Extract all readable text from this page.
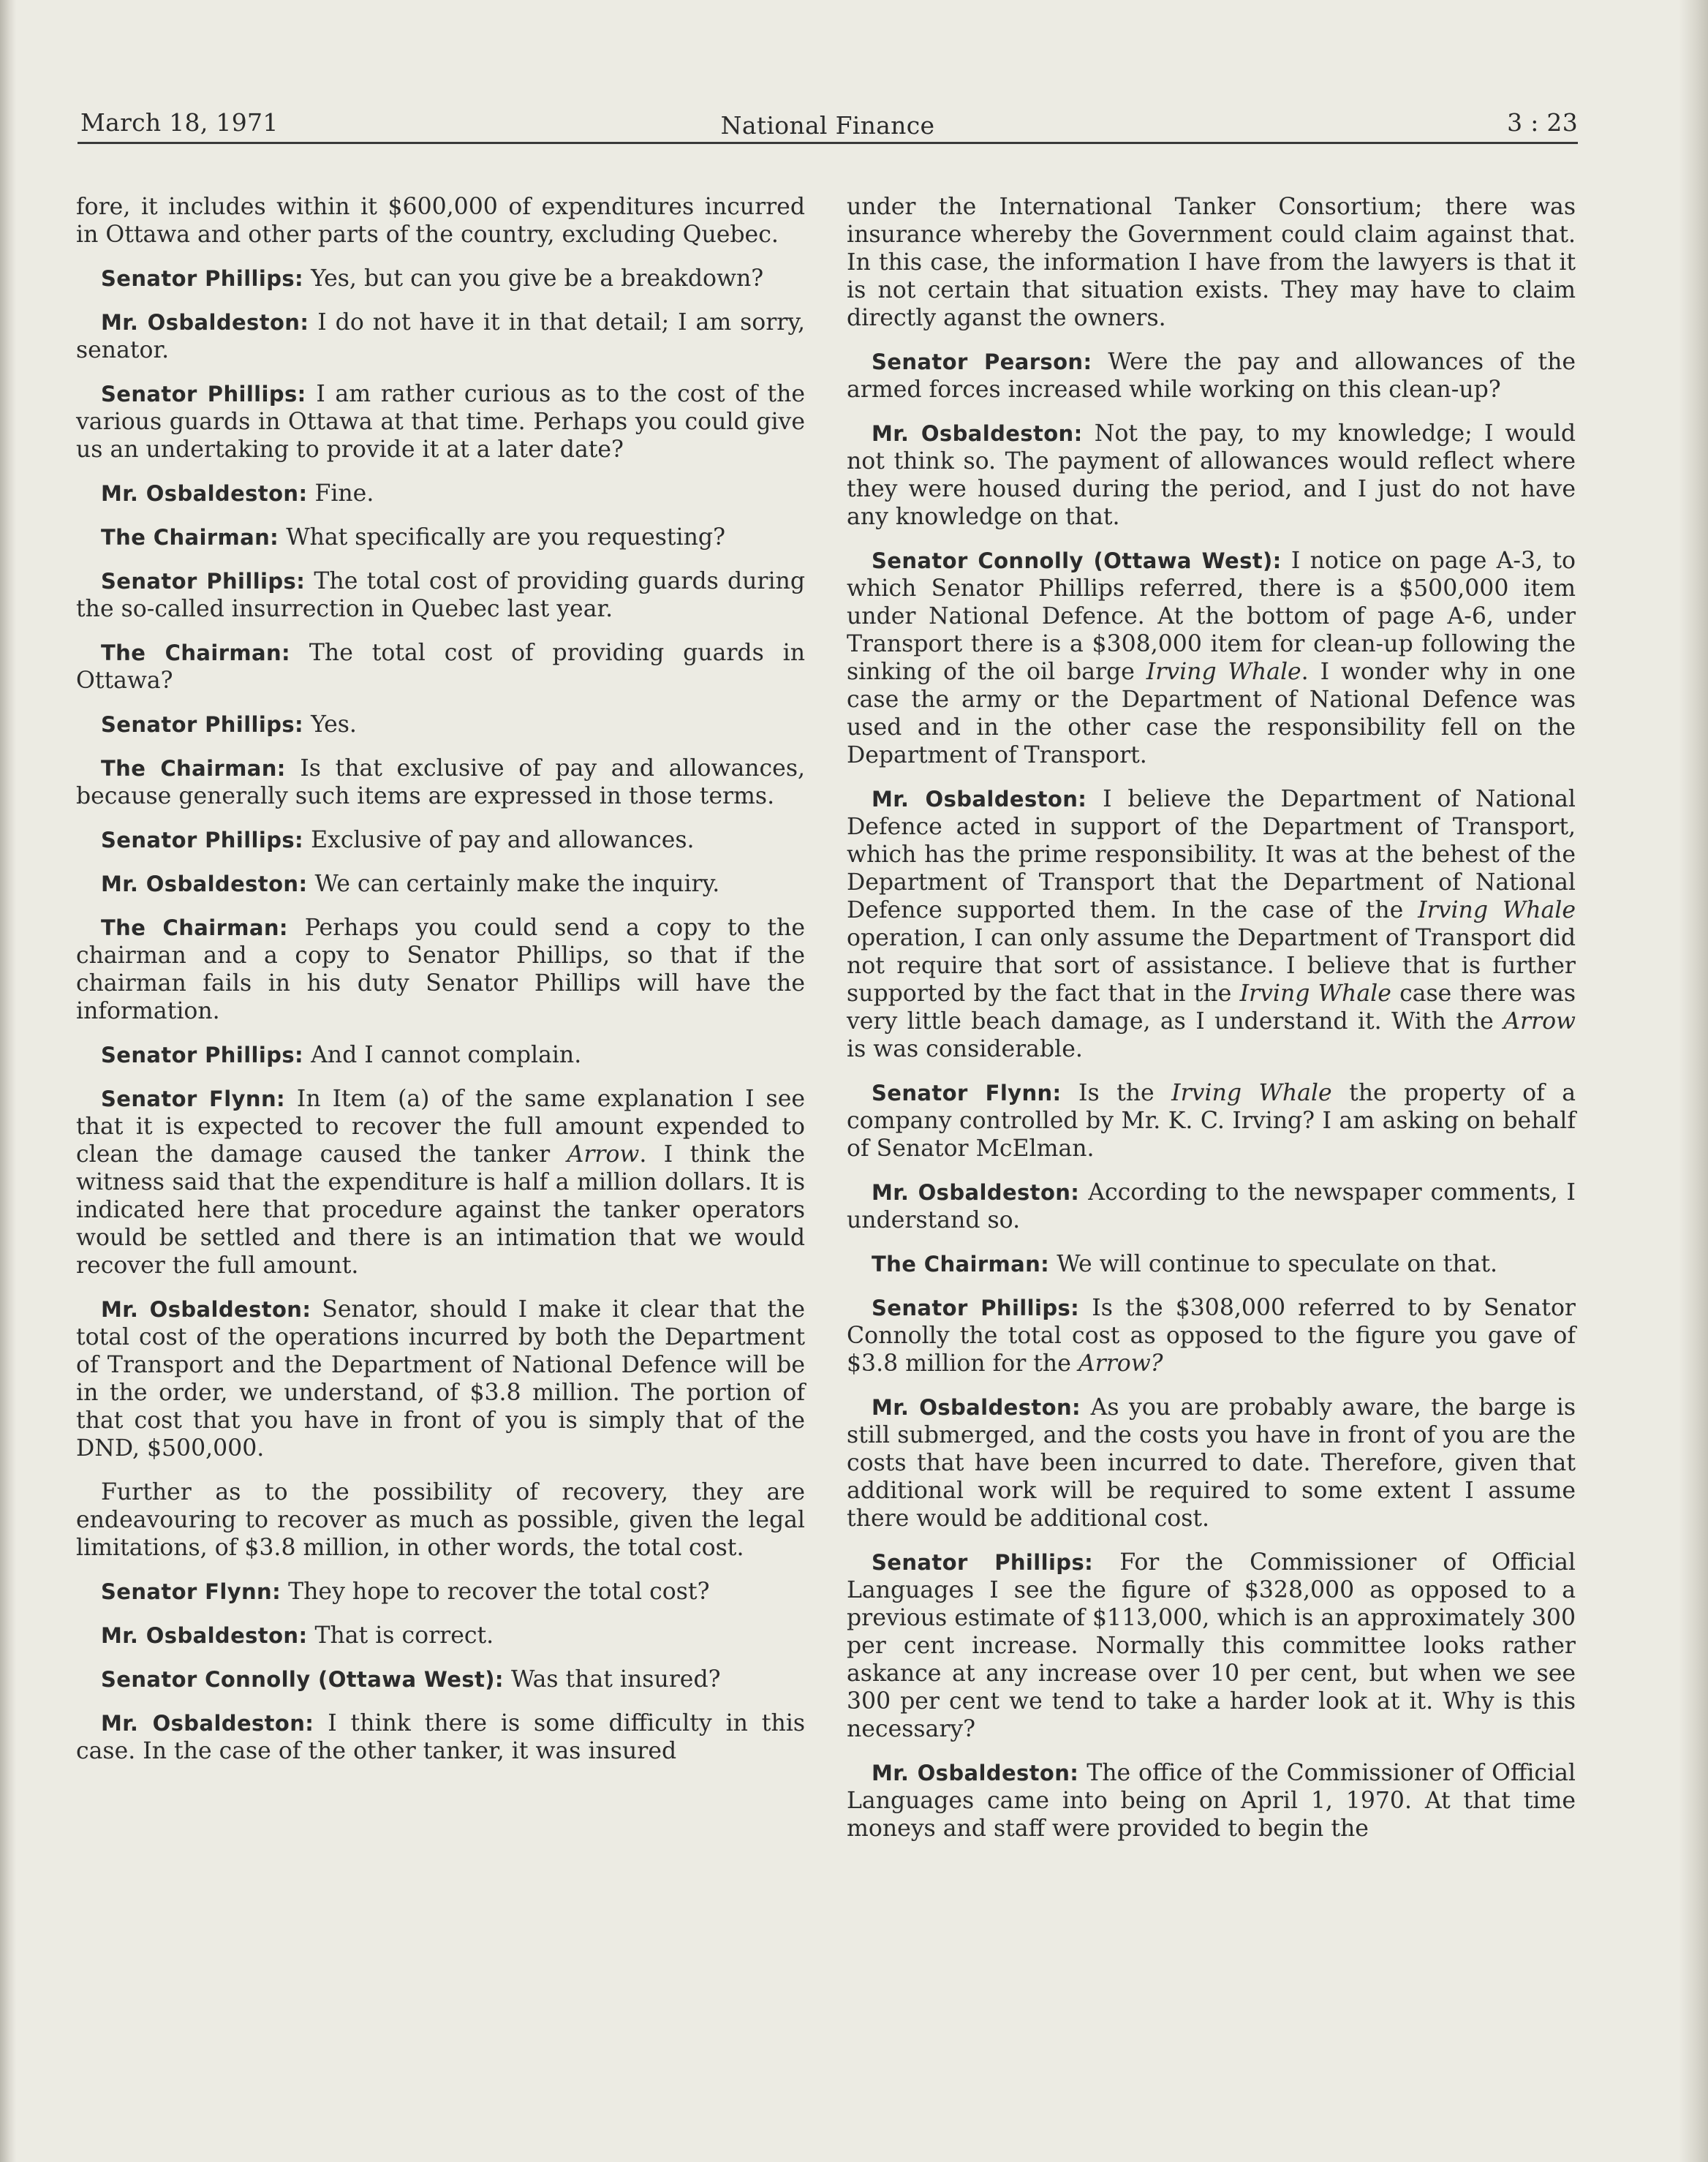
March 18, 1971	National Finance	3 : 23

fore, it includes within it $600,000 of expenditures incurred in Ottawa and other parts of the country, excluding Quebec.

Senator Phillips: Yes, but can you give be a breakdown?

Mr. Osbaldeston: I do not have it in that detail; I am sorry, senator.

Senator Phillips: I am rather curious as to the cost of the various guards in Ottawa at that time. Perhaps you could give us an undertaking to provide it at a later date?

Mr. Osbaldeston: Fine.

The Chairman: What specifically are you requesting?

Senator Phillips: The total cost of providing guards during the so-called insurrection in Quebec last year.

The Chairman: The total cost of providing guards in Ottawa?

Senator Phillips: Yes.

The Chairman: Is that exclusive of pay and allowances, because generally such items are expressed in those terms.

Senator Phillips: Exclusive of pay and allowances.

Mr. Osbaldeston: We can certainly make the inquiry.

The Chairman: Perhaps you could send a copy to the chairman and a copy to Senator Phillips, so that if the chairman fails in his duty Senator Phillips will have the information.

Senator Phillips: And I cannot complain.

Senator Flynn: In Item (a) of the same explanation I see that it is expected to recover the full amount expended to clean the damage caused the tanker Arrow. I think the witness said that the expenditure is half a million dollars. It is indicated here that procedure against the tanker operators would be settled and there is an intimation that we would recover the full amount.

Mr. Osbaldeston: Senator, should I make it clear that the total cost of the operations incurred by both the Department of Transport and the Department of National Defence will be in the order, we understand, of $3.8 million. The portion of that cost that you have in front of you is simply that of the DND, $500,000.

Further as to the possibility of recovery, they are endeavouring to recover as much as possible, given the legal limitations, of $3.8 million, in other words, the total cost.

Senator Flynn: They hope to recover the total cost?

Mr. Osbaldeston: That is correct.

Senator Connolly (Ottawa West): Was that insured?

Mr. Osbaldeston: I think there is some difficulty in this case. In the case of the other tanker, it was insured

under the International Tanker Consortium; there was insurance whereby the Government could claim against that. In this case, the information I have from the lawyers is that it is not certain that situation exists. They may have to claim directly aganst the owners.

Senator Pearson: Were the pay and allowances of the armed forces increased while working on this clean-up?

Mr. Osbaldeston: Not the pay, to my knowledge; I would not think so. The payment of allowances would reflect where they were housed during the period, and I just do not have any knowledge on that.

Senator Connolly (Ottawa West): I notice on page A-3, to which Senator Phillips referred, there is a $500,000 item under National Defence. At the bottom of page A-6, under Transport there is a $308,000 item for clean-up following the sinking of the oil barge Irving Whale. I wonder why in one case the army or the Department of National Defence was used and in the other case the responsibility fell on the Department of Transport.

Mr. Osbaldeston: I believe the Department of National Defence acted in support of the Department of Transport, which has the prime responsibility. It was at the behest of the Department of Transport that the Department of National Defence supported them. In the case of the Irving Whale operation, I can only assume the Department of Transport did not require that sort of assistance. I believe that is further supported by the fact that in the Irving Whale case there was very little beach damage, as I understand it. With the Arrow is was considerable.

Senator Flynn: Is the Irving Whale the property of a company controlled by Mr. K. C. Irving? I am asking on behalf of Senator McElman.

Mr. Osbaldeston: According to the newspaper comments, I understand so.

The Chairman: We will continue to speculate on that.

Senator Phillips: Is the $308,000 referred to by Senator Connolly the total cost as opposed to the figure you gave of $3.8 million for the Arrow?

Mr. Osbaldeston: As you are probably aware, the barge is still submerged, and the costs you have in front of you are the costs that have been incurred to date. Therefore, given that additional work will be required to some extent I assume there would be additional cost.

Senator Phillips: For the Commissioner of Official Languages I see the figure of $328,000 as opposed to a previous estimate of $113,000, which is an approximately 300 per cent increase. Normally this committee looks rather askance at any increase over 10 per cent, but when we see 300 per cent we tend to take a harder look at it. Why is this necessary?

Mr. Osbaldeston: The office of the Commissioner of Official Languages came into being on April 1, 1970. At that time moneys and staff were provided to begin the
